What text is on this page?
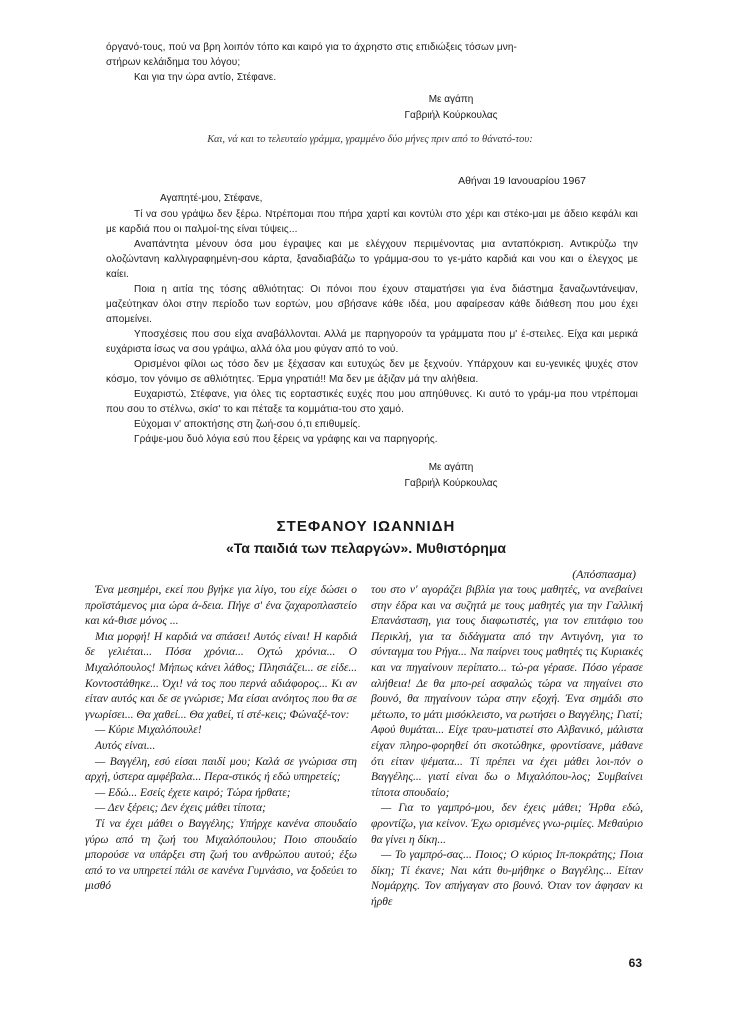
όργανό-τους, πού να βρη λοιπόν τόπο και καιρό για το άχρηστο στις επιδιώξεις τόσων μνη-

στήρων κελάιδημα του λόγου;

Και για την ώρα αντίο, Στέφανε.

Με αγάπη
Γαβριήλ Κούρκουλας
Και, νά και το τελευταίο γράμμα, γραμμένο δύο μήνες πριν από το θάνατό-του:
Αθήναι 19 Ιανουαρίου 1967
Αγαπητέ-μου, Στέφανε,

Τί να σου γράψω δεν ξέρω. Ντρέπομαι που πήρα χαρτί και κοντύλι στο χέρι και στέκο-μαι με άδειο κεφάλι και με καρδιά που οι παλμοί-της είναι τύψεις...

Αναπάντητα μένουν όσα μου έγραψες και με ελέγχουν περιμένοντας μια ανταπόκριση. Αντικρύζω την ολοζώντανη καλλιγραφημένη-σου κάρτα, ξαναδιαβάζω το γράμμα-σου το γε-μάτο καρδιά και νου και ο έλεγχος με καίει.

Ποια η αιτία της τόσης αθλιότητας: Οι πόνοι που έχουν σταματήσει για ένα διάστημα ξαναζωντάνεψαν, μαζεύτηκαν όλοι στην περίοδο των εορτών, μου σβήσανε κάθε ιδέα, μου αφαίρεσαν κάθε διάθεση που μου έχει απομείνει.

Υποσχέσεις που σου είχα αναβάλλονται. Αλλά με παρηγορούν τα γράμματα που μ' έ-στειλες. Είχα και μερικά ευχάριστα ίσως να σου γράψω, αλλά όλα μου φύγαν από το νού.

Ορισμένοι φίλοι ως τόσο δεν με ξέχασαν και ευτυχώς δεν με ξεχνούν. Υπάρχουν και ευ-γενικές ψυχές στον κόσμο, τον γόνιμο σε αθλιότητες. Έρμα γηρατιά!! Μα δεν με άξιζαν μά την αλήθεια.

Ευχαριστώ, Στέφανε, για όλες τις εορταστικές ευχές που μου απηύθυνες. Κι αυτό το γράμ-μα που ντρέπομαι που σου το στέλνω, σκίσ' το και πέταξε τα κομμάτια-του στο χαμό.

Εύχομαι ν' αποκτήσης στη ζωή-σου ό,τι επιθυμείς.

Γράψε-μου δυό λόγια εσύ που ξέρεις να γράφης και να παρηγορής.

Με αγάπη
Γαβριήλ Κούρκουλας
ΣΤΕΦΑΝΟΥ ΙΩΑΝΝΙΔΗ
«Τα παιδιά των πελαργών». Μυθιστόρημα
(Απόσπασμα)

Ένα μεσημέρι, εκεί που βγήκε για λίγο, του είχε δώσει ο προϊστάμενος μια ώρα ά-δεια. Πήγε σ' ένα ζαχαροπλαστείο και κά-θισε μόνος ...

Μια μορφή! Η καρδιά να σπάσει! Αυτός είναι! Η καρδιά δε γελιέται... Πόσα χρόνια... Οχτώ χρόνια... Ο Μιχαλόπουλος! Μήπως κάνει λάθος; Πλησιάζει... σε είδε... Κοντοστάθηκε... Όχι! νά τος που περνά αδιάφορος... Κι αν είταν αυτός και δε σε γνώρισε; Μα είσαι ανόητος που θα σε γνωρίσει... Θα χαθεί... Θα χαθεί, τί στέ-κεις; Φώναξέ-τον:

— Κύριε Μιχαλόπουλε!

Αυτός είναι...

— Βαγγέλη, εσύ είσαι παιδί μου; Καλά σε γνώρισα στη αρχή, ύστερα αμφέβαλα... Περα-στικός ή εδώ υπηρετείς;

— Εδώ... Εσείς έχετε καιρό; Τώρα ήρθατε;

— Δεν ξέρεις; Δεν έχεις μάθει τίποτα;

Τί να έχει μάθει ο Βαγγέλης; Υπήρχε κανένα σπουδαίο γύρω από τη ζωή του Μιχαλόπουλου; Ποιο σπουδαίο μπορούσε να υπάρξει στη ζωή του ανθρώπου αυτού; έξω από το να υπηρετεί πάλι σε κανένα Γυμνάσιο, να ξοδεύει το μισθό

του στο ν' αγοράζει βιβλία για τους μαθητές, να ανεβαίνει στην έδρα και να συζητά με τους μαθητές για την Γαλλική Επανάσταση, για τους διαφωτιστές, για τον επιτάφιο του Περικλή, για τα διδάγματα από την Αντιγόνη, για το σύνταγμα του Ρήγα... Να παίρνει τους μαθητές τις Κυριακές και να πηγαίνουν περίπατο... τώ-ρα γέρασε. Πόσο γέρασε αλήθεια! Δε θα μπο-ρεί ασφαλώς τώρα να πηγαίνει στο βουνό, θα πηγαίνουν τώρα στην εξοχή. Ένα σημάδι στο μέτωπο, το μάτι μισόκλειστο, να ρωτήσει ο Βαγγέλης; Γιατί; Αφού θυμάται... Είχε τραυ-ματιστεί στο Αλβανικό, μάλιστα είχαν πληρο-φορηθεί ότι σκοτώθηκε, φροντίσανε, μάθανε ότι είταν ψέματα... Τί πρέπει να έχει μάθει λοι-πόν ο Βαγγέλης... γιατί είναι δω ο Μιχαλόπου-λος; Συμβαίνει τίποτα σπουδαίο;

— Για το γαμπρό-μου, δεν έχεις μάθει; Ήρθα εδώ, φροντίζω, για κείνον. Έχω ορισμένες γνω-ριμίες. Μεθαύριο θα γίνει η δίκη...

— Το γαμπρό-σας... Ποιος; Ο κύριος Ιπ-ποκράτης; Ποια δίκη; Τί έκανε; Ναι κάτι θυ-μήθηκε ο Βαγγέλης... Είταν Νομάρχης. Τον απήγαγαν στο βουνό. Όταν τον άφησαν κι ήρθε

63
